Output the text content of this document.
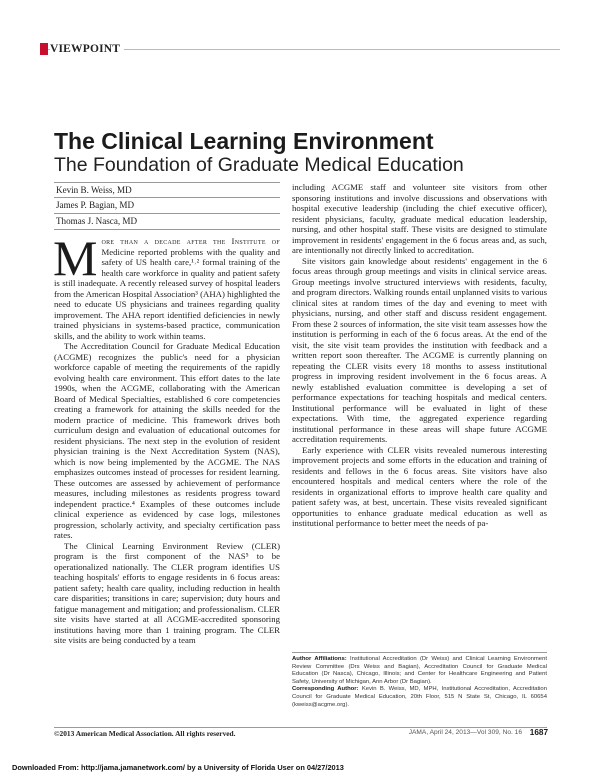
VIEWPOINT
The Clinical Learning Environment
The Foundation of Graduate Medical Education
Kevin B. Weiss, MD
James P. Bagian, MD
Thomas J. Nasca, MD

More than a decade after the Institute of Medicine reported problems with the quality and safety of US health care,¹˒² formal training of the health care workforce in quality and patient safety is still inadequate. A recently released survey of hospital leaders from the American Hospital Association³ (AHA) highlighted the need to educate US physicians and trainees regarding quality improvement. The AHA report identified deficiencies in newly trained physicians in systems-based practice, communication skills, and the ability to work within teams.

The Accreditation Council for Graduate Medical Education (ACGME) recognizes the public's need for a physician workforce capable of meeting the requirements of the rapidly evolving health care environment. This effort dates to the late 1990s, when the ACGME, collaborating with the American Board of Medical Specialties, established 6 core competencies creating a framework for attaining the skills needed for the modern practice of medicine. This framework drives both curriculum design and evaluation of educational outcomes for resident physicians. The next step in the evolution of resident physician training is the Next Accreditation System (NAS), which is now being implemented by the ACGME. The NAS emphasizes outcomes instead of processes for resident learning. These outcomes are assessed by achievement of performance measures, including milestones as residents progress toward independent practice.⁴ Examples of these outcomes include clinical experience as evidenced by case logs, milestones progression, scholarly activity, and specialty certification pass rates.

The Clinical Learning Environment Review (CLER) program is the first component of the NAS⁵ to be operationalized nationally. The CLER program identifies US teaching hospitals' efforts to engage residents in 6 focus areas: patient safety; health care quality, including reduction in health care disparities; transitions in care; supervision; duty hours and fatigue management and mitigation; and professionalism. CLER site visits have started at all ACGME-accredited sponsoring institutions having more than 1 training program. The CLER site visits are being conducted by a team

including ACGME staff and volunteer site visitors from other sponsoring institutions and involve discussions and observations with hospital executive leadership (including the chief executive officer), resident physicians, faculty, graduate medical education leadership, nursing, and other hospital staff. These visits are designed to stimulate improvement in residents' engagement in the 6 focus areas and, as such, are intentionally not directly linked to accreditation.

Site visitors gain knowledge about residents' engagement in the 6 focus areas through group meetings and visits in clinical service areas. Group meetings involve structured interviews with residents, faculty, and program directors. Walking rounds entail unplanned visits to various clinical sites at random times of the day and evening to meet with physicians, nursing, and other staff and discuss resident engagement. From these 2 sources of information, the site visit team assesses how the institution is performing in each of the 6 focus areas. At the end of the visit, the site visit team provides the institution with feedback and a written report soon thereafter. The ACGME is currently planning on repeating the CLER visits every 18 months to assess institutional progress in improving resident involvement in the 6 focus areas. A newly established evaluation committee is developing a set of performance expectations for teaching hospitals and medical centers. Institutional performance will be evaluated in light of these expectations. With time, the aggregated experience regarding institutional performance in these areas will shape future ACGME accreditation requirements.

Early experience with CLER visits revealed numerous interesting improvement projects and some efforts in the education and training of residents and fellows in the 6 focus areas. Site visitors have also encountered hospitals and medical centers where the role of the residents in organizational efforts to improve health care quality and patient safety was, at best, uncertain. These visits revealed significant opportunities to enhance graduate medical education as well as institutional performance to better meet the needs of pa-

Author Affiliations: Institutional Accreditation (Dr Weiss) and Clinical Learning Environment Review Committee (Drs Weiss and Bagian), Accreditation Council for Graduate Medical Education (Dr Nasca), Chicago, Illinois; and Center for Healthcare Engineering and Patient Safety, University of Michigan, Ann Arbor (Dr Bagian).
Corresponding Author: Kevin B. Weiss, MD, MPH, Institutional Accreditation, Accreditation Council for Graduate Medical Education, 20th Floor, 515 N State St, Chicago, IL 60654 (kweiss@acgme.org).
©2013 American Medical Association. All rights reserved.	JAMA, April 24, 2013—Vol 309, No. 16 1687
Downloaded From: http://jama.jamanetwork.com/ by a University of Florida User on 04/27/2013
